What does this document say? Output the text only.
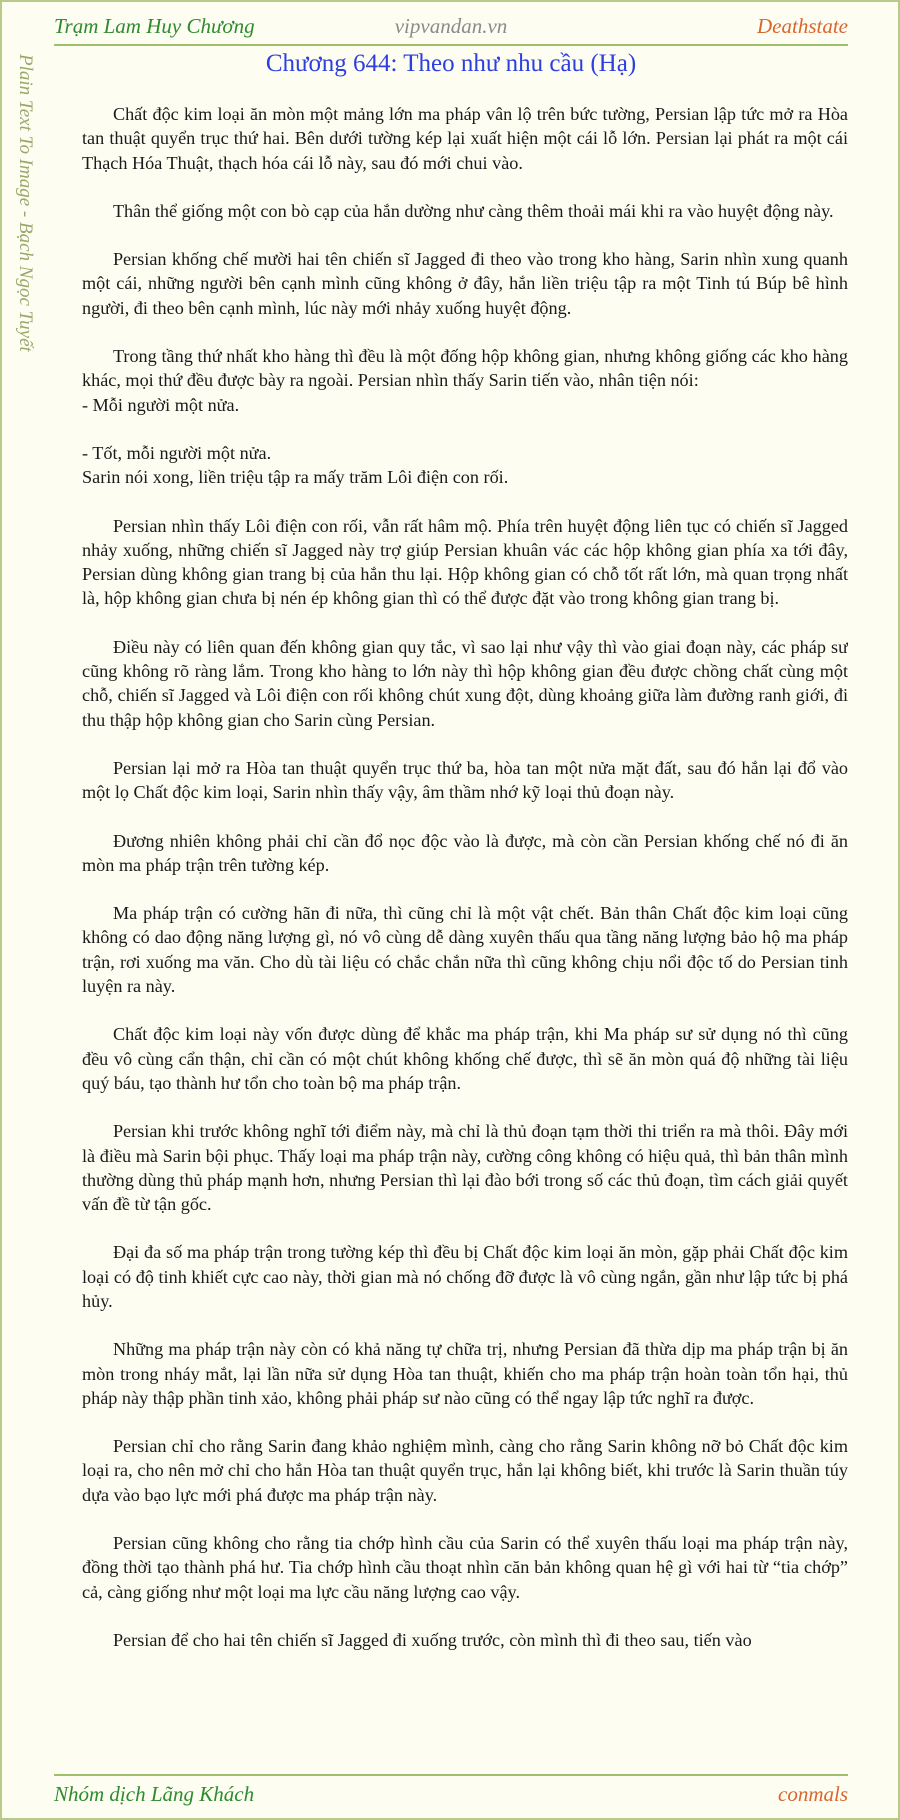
Trạm Lam Huy Chương	vipvandan.vn	Deathstate
Plain Text To Image - Bạch Ngọc Tuyết	Chương 644: Theo như nhu cầu (Hạ)

Chất độc kim loại ăn mòn một mảng lớn ma pháp vân lộ trên bức tường, Persian lập tức mở ra Hòa tan thuật quyển trục thứ hai. Bên dưới tường kép lại xuất hiện một cái lỗ lớn. Persian lại phát ra một cái Thạch Hóa Thuật, thạch hóa cái lỗ này, sau đó mới chui vào.

Thân thể giống một con bò cạp của hắn dường như càng thêm thoải mái khi ra vào huyệt động này.

Persian khống chế mười hai tên chiến sĩ Jagged đi theo vào trong kho hàng, Sarin nhìn xung quanh một cái, những người bên cạnh mình cũng không ở đây, hắn liền triệu tập ra một Tinh tú Búp bê hình người, đi theo bên cạnh mình, lúc này mới nhảy xuống huyệt động.

Trong tầng thứ nhất kho hàng thì đều là một đống hộp không gian, nhưng không giống các kho hàng khác, mọi thứ đều được bày ra ngoài. Persian nhìn thấy Sarin tiến vào, nhân tiện nói:

- Mỗi người một nửa.

- Tốt, mỗi người một nửa.

Sarin nói xong, liền triệu tập ra mấy trăm Lôi điện con rối.

Persian nhìn thấy Lôi điện con rối, vẫn rất hâm mộ. Phía trên huyệt động liên tục có chiến sĩ Jagged nhảy xuống, những chiến sĩ Jagged này trợ giúp Persian khuân vác các hộp không gian phía xa tới đây, Persian dùng không gian trang bị của hắn thu lại. Hộp không gian có chỗ tốt rất lớn, mà quan trọng nhất là, hộp không gian chưa bị nén ép không gian thì có thể được đặt vào trong không gian trang bị.

Điều này có liên quan đến không gian quy tắc, vì sao lại như vậy thì vào giai đoạn này, các pháp sư cũng không rõ ràng lắm. Trong kho hàng to lớn này thì hộp không gian đều được chồng chất cùng một chỗ, chiến sĩ Jagged và Lôi điện con rối không chút xung đột, dùng khoảng giữa làm đường ranh giới, đi thu thập hộp không gian cho Sarin cùng Persian.

Persian lại mở ra Hòa tan thuật quyển trục thứ ba, hòa tan một nửa mặt đất, sau đó hắn lại đổ vào một lọ Chất độc kim loại, Sarin nhìn thấy vậy, âm thầm nhớ kỹ loại thủ đoạn này.

Đương nhiên không phải chỉ cần đổ nọc độc vào là được, mà còn cần Persian khống chế nó đi ăn mòn ma pháp trận trên tường kép.

Ma pháp trận có cường hãn đi nữa, thì cũng chỉ là một vật chết. Bản thân Chất độc kim loại cũng không có dao động năng lượng gì, nó vô cùng dễ dàng xuyên thấu qua tầng năng lượng bảo hộ ma pháp trận, rơi xuống ma văn. Cho dù tài liệu có chắc chắn nữa thì cũng không chịu nổi độc tố do Persian tinh luyện ra này.

Chất độc kim loại này vốn được dùng để khắc ma pháp trận, khi Ma pháp sư sử dụng nó thì cũng đều vô cùng cẩn thận, chỉ cần có một chút không khống chế được, thì sẽ ăn mòn quá độ những tài liệu quý báu, tạo thành hư tổn cho toàn bộ ma pháp trận.

Persian khi trước không nghĩ tới điểm này, mà chỉ là thủ đoạn tạm thời thi triển ra mà thôi. Đây mới là điều mà Sarin bội phục. Thấy loại ma pháp trận này, cường công không có hiệu quả, thì bản thân mình thường dùng thủ pháp mạnh hơn, nhưng Persian thì lại đào bới trong số các thủ đoạn, tìm cách giải quyết vấn đề từ tận gốc.

Đại đa số ma pháp trận trong tường kép thì đều bị Chất độc kim loại ăn mòn, gặp phải Chất độc kim loại có độ tinh khiết cực cao này, thời gian mà nó chống đỡ được là vô cùng ngắn, gần như lập tức bị phá hủy.

Những ma pháp trận này còn có khả năng tự chữa trị, nhưng Persian đã thừa dịp ma pháp trận bị ăn mòn trong nháy mắt, lại lần nữa sử dụng Hòa tan thuật, khiến cho ma pháp trận hoàn toàn tổn hại, thủ pháp này thập phần tinh xảo, không phải pháp sư nào cũng có thể ngay lập tức nghĩ ra được.

Persian chỉ cho rằng Sarin đang khảo nghiệm mình, càng cho rằng Sarin không nỡ bỏ Chất độc kim loại ra, cho nên mở chỉ cho hắn Hòa tan thuật quyển trục, hắn lại không biết, khi trước là Sarin thuần túy dựa vào bạo lực mới phá được ma pháp trận này.

Persian cũng không cho rằng tia chớp hình cầu của Sarin có thể xuyên thấu loại ma pháp trận này, đồng thời tạo thành phá hư. Tia chớp hình cầu thoạt nhìn căn bản không quan hệ gì với hai từ “tia chớp” cả, càng giống như một loại ma lực cầu năng lượng cao vậy.

Persian để cho hai tên chiến sĩ Jagged đi xuống trước, còn mình thì đi theo sau, tiến vào

Nhóm dịch Lãng Khách	conmals
